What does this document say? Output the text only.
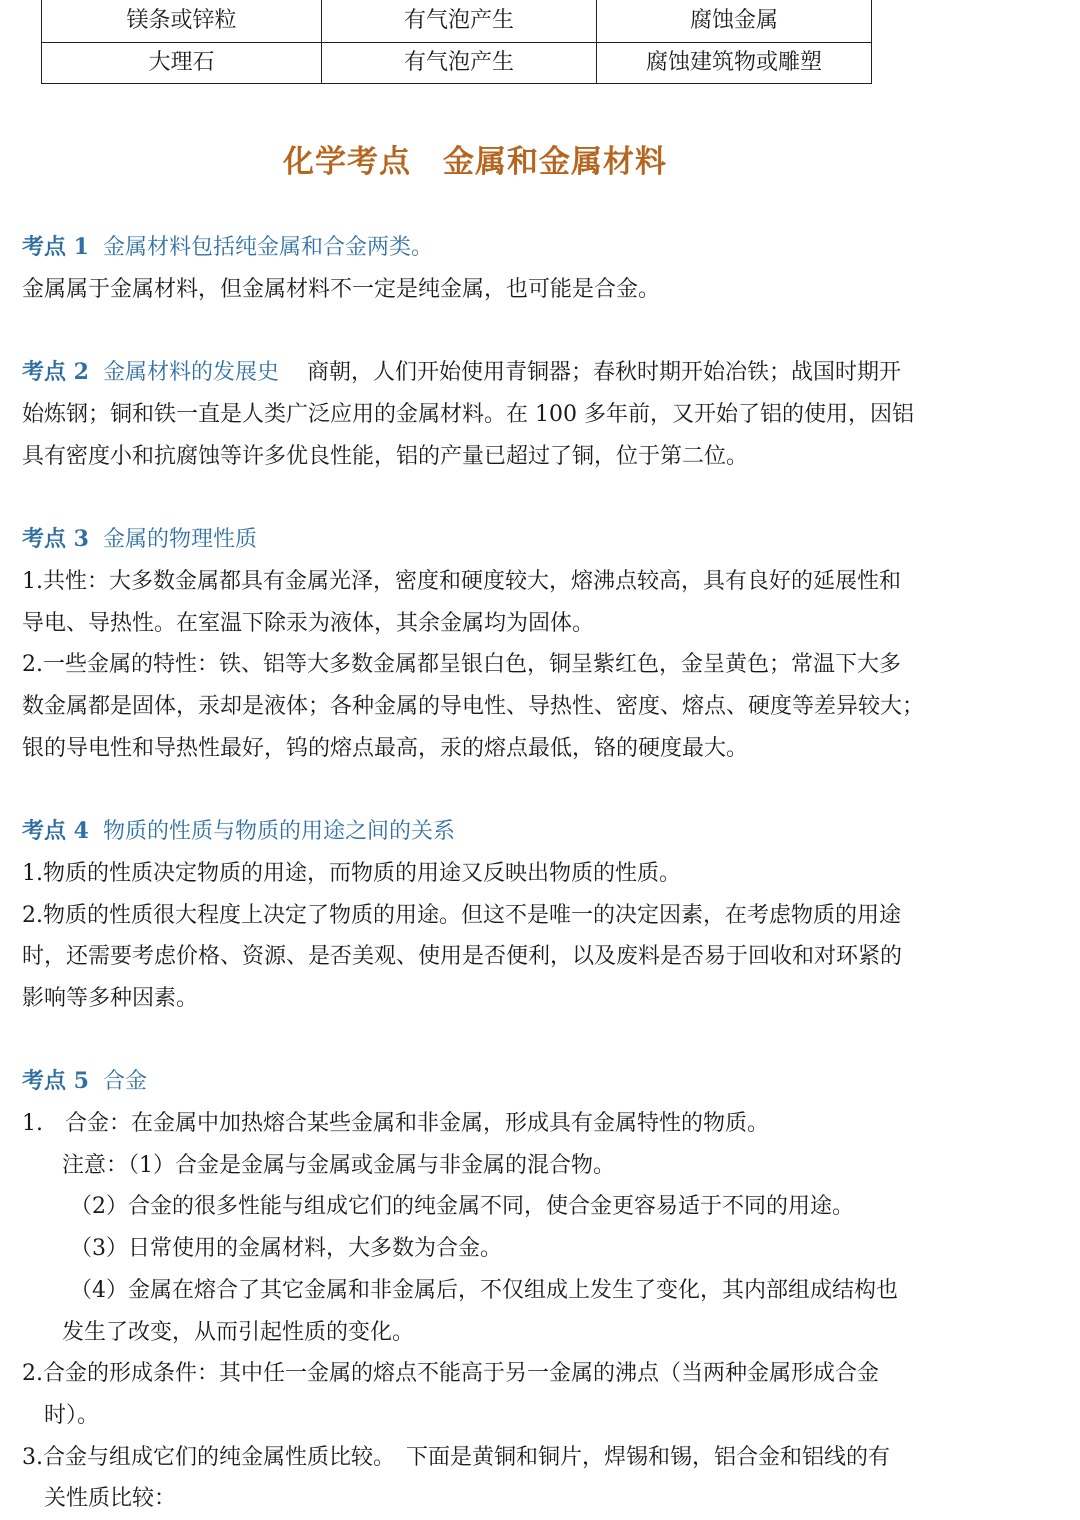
镁条或锌粒	有气泡产生	腐蚀金属
大理石	有气泡产生	腐蚀建筑物或雕塑
化学考点　金属和金属材料
考点 1 金属材料包括纯金属和合金两类。

金属属于金属材料，但金属材料不一定是纯金属，也可能是合金。

考点 2 金属材料的发展史 商朝，人们开始使用青铜器；春秋时期开始冶铁；战国时期开

始炼钢；铜和铁一直是人类广泛应用的金属材料。在 100 多年前，又开始了铝的使用，因铝

具有密度小和抗腐蚀等许多优良性能，铝的产量已超过了铜，位于第二位。

考点 3 金属的物理性质

1.共性：大多数金属都具有金属光泽，密度和硬度较大，熔沸点较高，具有良好的延展性和

导电、导热性。在室温下除汞为液体，其余金属均为固体。

2.一些金属的特性：铁、铝等大多数金属都呈银白色，铜呈紫红色，金呈黄色；常温下大多

数金属都是固体，汞却是液体；各种金属的导电性、导热性、密度、熔点、硬度等差异较大；

银的导电性和导热性最好，钨的熔点最高，汞的熔点最低，铬的硬度最大。

考点 4 物质的性质与物质的用途之间的关系

1.物质的性质决定物质的用途，而物质的用途又反映出物质的性质。

2.物质的性质很大程度上决定了物质的用途。但这不是唯一的决定因素，在考虑物质的用途

时，还需要考虑价格、资源、是否美观、使用是否便利，以及废料是否易于回收和对环紧的

影响等多种因素。

考点 5 合金

1.　合金：在金属中加热熔合某些金属和非金属，形成具有金属特性的物质。

注意：（1）合金是金属与金属或金属与非金属的混合物。

（2）合金的很多性能与组成它们的纯金属不同，使合金更容易适于不同的用途。

（3）日常使用的金属材料，大多数为合金。

（4）金属在熔合了其它金属和非金属后，不仅组成上发生了变化，其内部组成结构也

发生了改变，从而引起性质的变化。

2.合金的形成条件：其中任一金属的熔点不能高于另一金属的沸点（当两种金属形成合金

时）。

3.合金与组成它们的纯金属性质比较。　下面是黄铜和铜片，焊锡和锡，铝合金和铝线的有

关性质比较：
